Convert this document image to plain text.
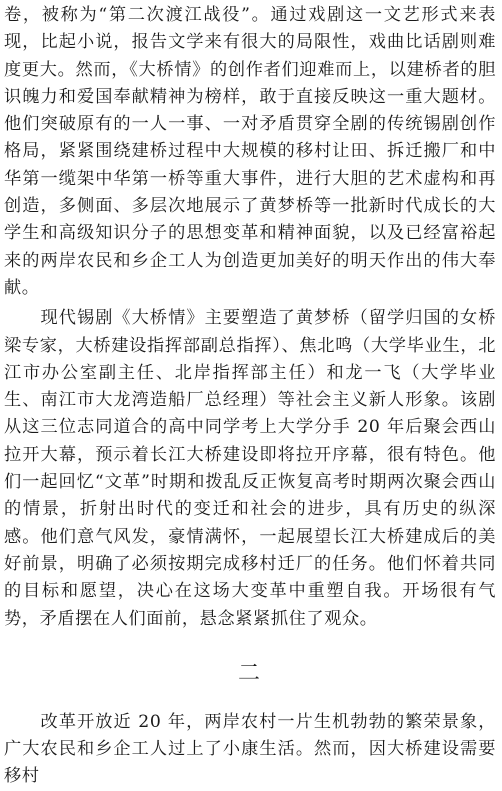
卷，被称为“第二次渡江战役”。通过戏剧这一文艺形式来表现，比起小说，报告文学来有很大的局限性，戏曲比话剧则难度更大。然而，《大桥情》的创作者们迎难而上，以建桥者的胆识魄力和爱国奉献精神为榜样，敢于直接反映这一重大题材。他们突破原有的一人一事、一对矛盾贯穿全剧的传统锡剧创作格局，紧紧围绕建桥过程中大规模的移村让田、拆迁搬厂和中华第一缆架中华第一桥等重大事件，进行大胆的艺术虚构和再创造，多侧面、多层次地展示了黄梦桥等一批新时代成长的大学生和高级知识分子的思想变革和精神面貌，以及已经富裕起来的两岸农民和乡企工人为创造更加美好的明天作出的伟大奉献。

　　现代锡剧《大桥情》主要塑造了黄梦桥（留学归国的女桥梁专家，大桥建设指挥部副总指挥）、焦北鸣（大学毕业生，北江市办公室副主任、北岸指挥部主任）和龙一飞（大学毕业生、南江市大龙湾造船厂总经理）等社会主义新人形象。该剧从这三位志同道合的高中同学考上大学分手 20 年后聚会西山拉开大幕，预示着长江大桥建设即将拉开序幕，很有特色。他们一起回忆“文革”时期和拨乱反正恢复高考时期两次聚会西山的情景，折射出时代的变迁和社会的进步，具有历史的纵深感。他们意气风发，豪情满怀，一起展望长江大桥建成后的美好前景，明确了必须按期完成移村迁厂的任务。他们怀着共同的目标和愿望，决心在这场大变革中重塑自我。开场很有气势，矛盾摆在人们面前，悬念紧紧抓住了观众。

二

　　改革开放近 20 年，两岸农村一片生机勃勃的繁荣景象，广大农民和乡企工人过上了小康生活。然而，因大桥建设需要移村
